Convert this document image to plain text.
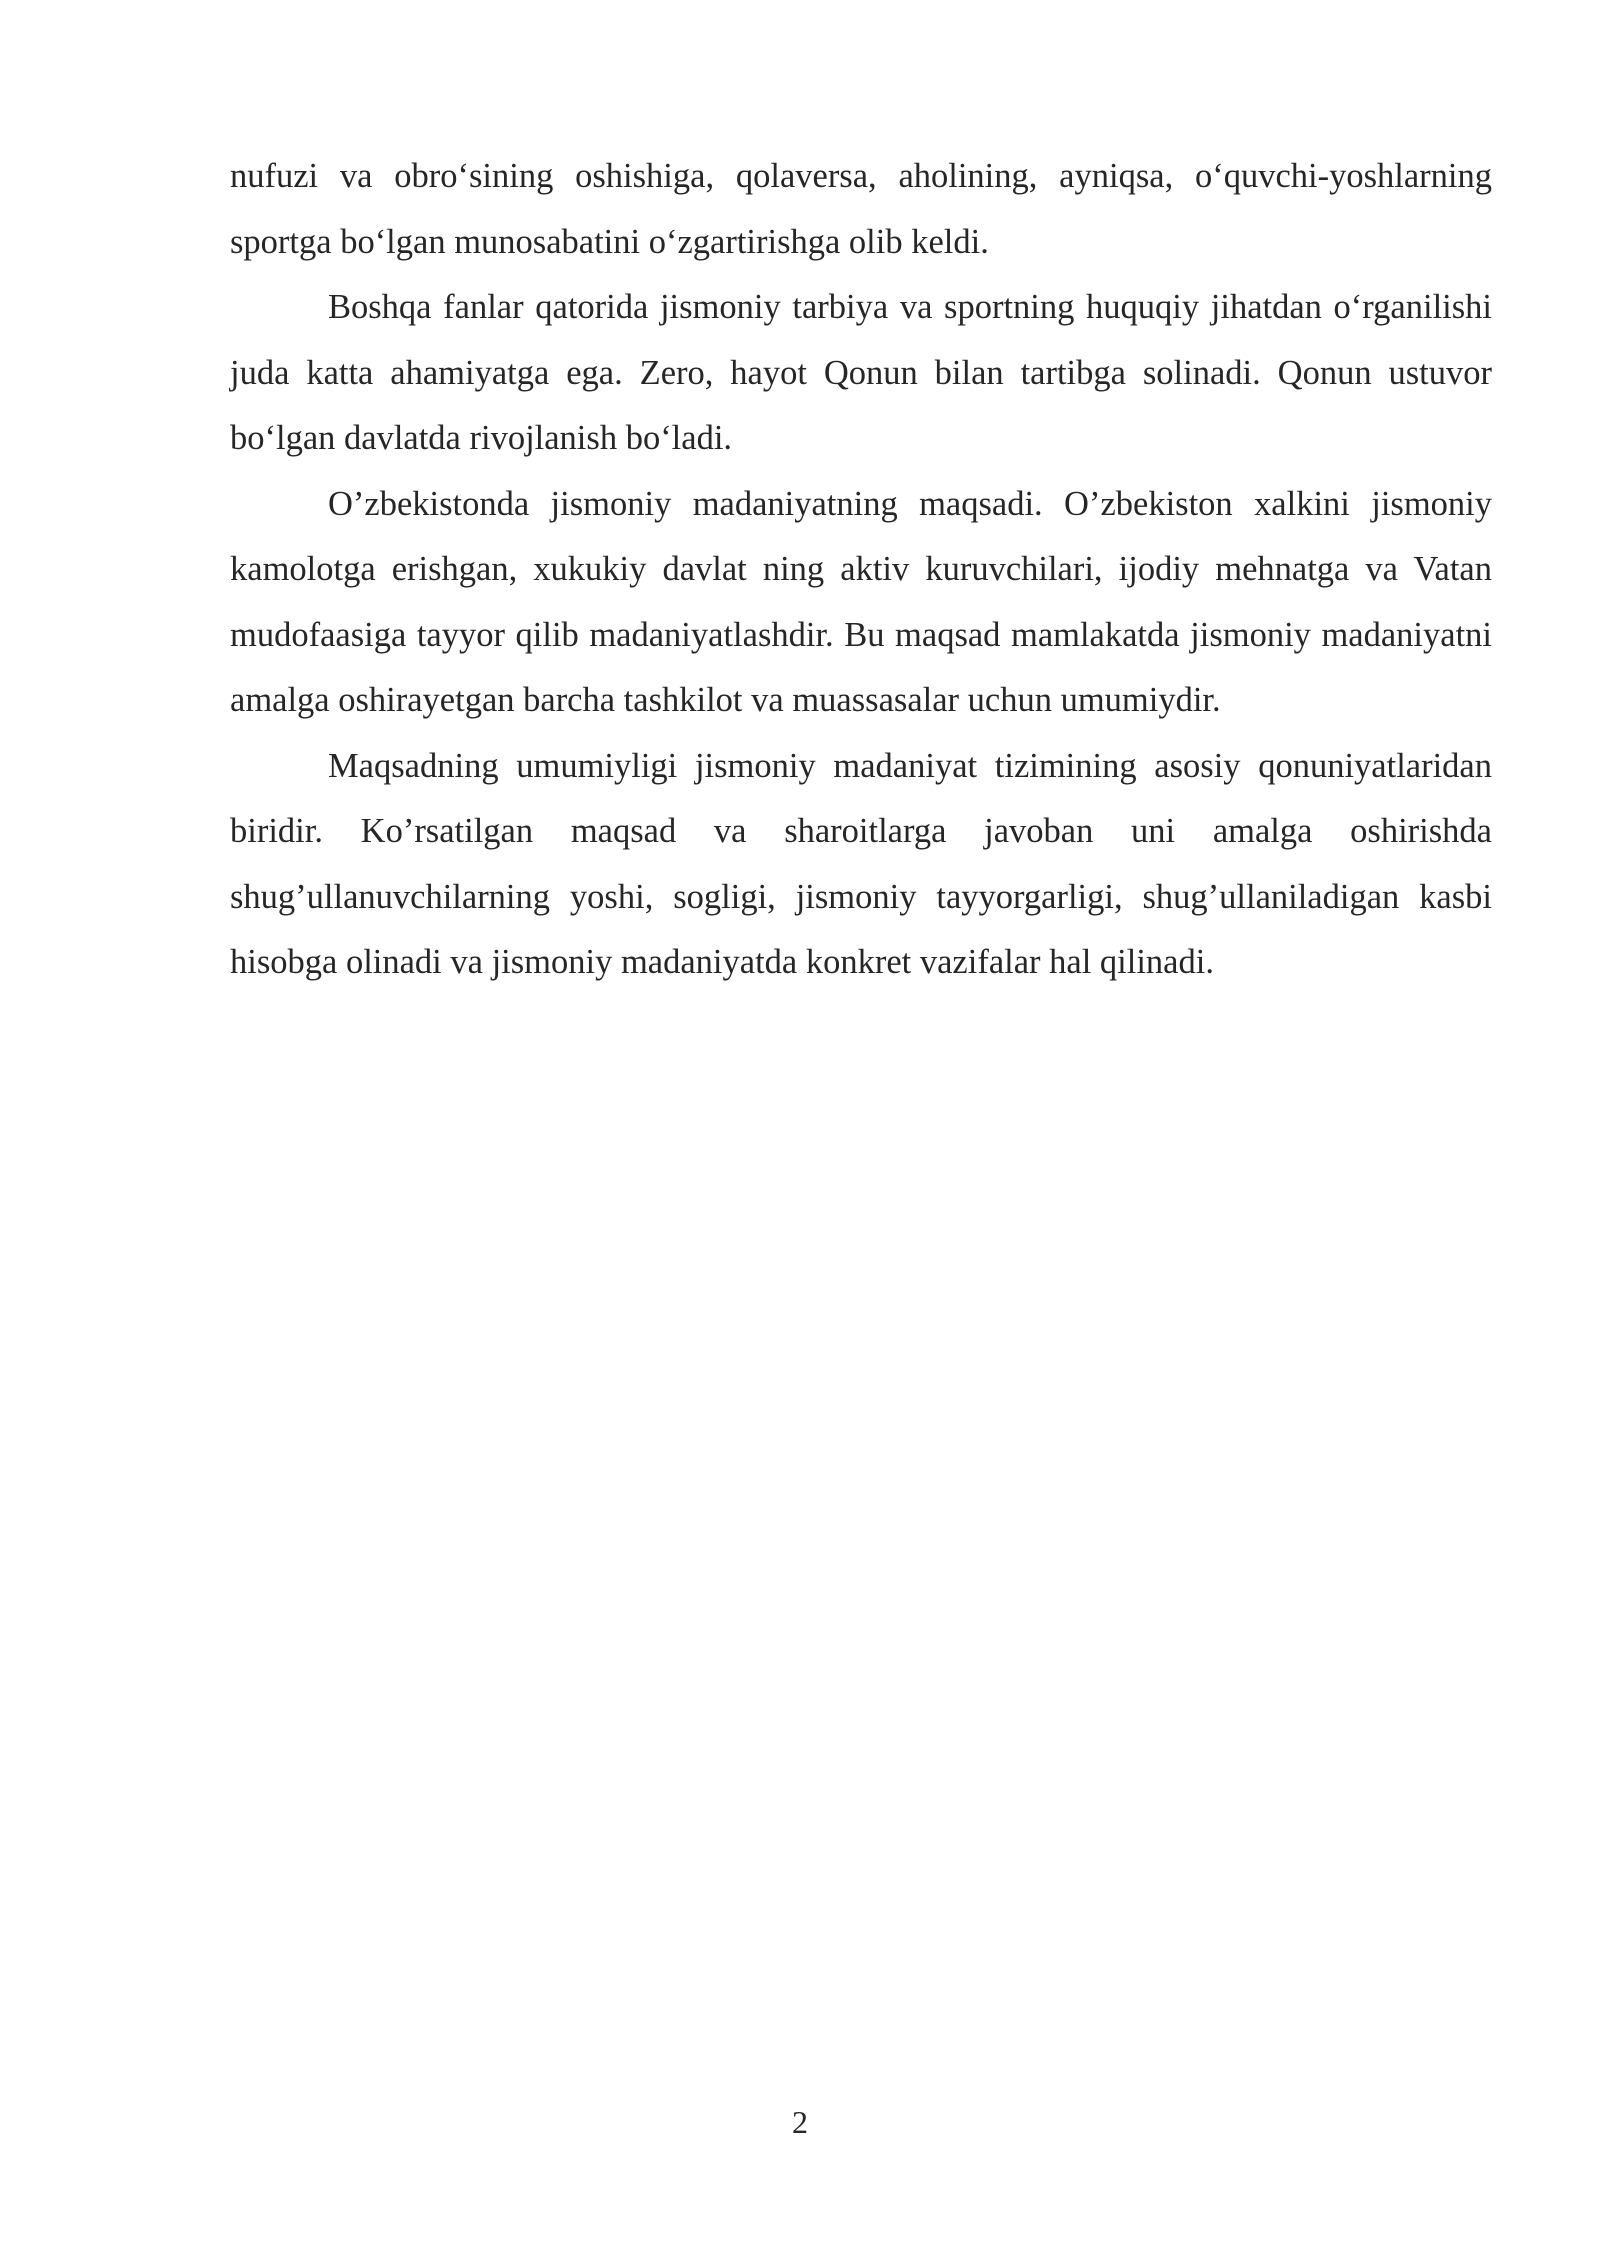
nufuzi va obro‘sining oshishiga, qolaversa, aholining, ayniqsa, o‘quvchi-yoshlarning sportga bo‘lgan munosabatini o‘zgartirishga olib keldi.

Boshqa fanlar qatorida jismoniy tarbiya va sportning huquqiy jihatdan o‘rganilishi juda katta ahamiyatga ega. Zero, hayot Qonun bilan tartibga solinadi. Qonun ustuvor bo‘lgan davlatda rivojlanish bo‘ladi.

O’zbekistonda jismoniy madaniyatning maqsadi. O’zbekiston xalkini jismoniy kamolotga erishgan, xukukiy davlat ning aktiv kuruvchilari, ijodiy mehnatga va Vatan mudofaasiga tayyor qilib madaniyatlashdir. Bu maqsad mamlakatda jismoniy madaniyatni amalga oshirayetgan barcha tashkilot va muassasalar uchun umumiydir.

Maqsadning umumiyligi jismoniy madaniyat tizimining asosiy qonuniyatlaridan biridir. Ko’rsatilgan maqsad va sharoitlarga javoban uni amalga oshirishda shug’ullanuvchilarning yoshi, sogligi, jismoniy tayyorgarligi, shug’ullaniladigan kasbi hisobga olinadi va jismoniy madaniyatda konkret vazifalar hal qilinadi.

2
